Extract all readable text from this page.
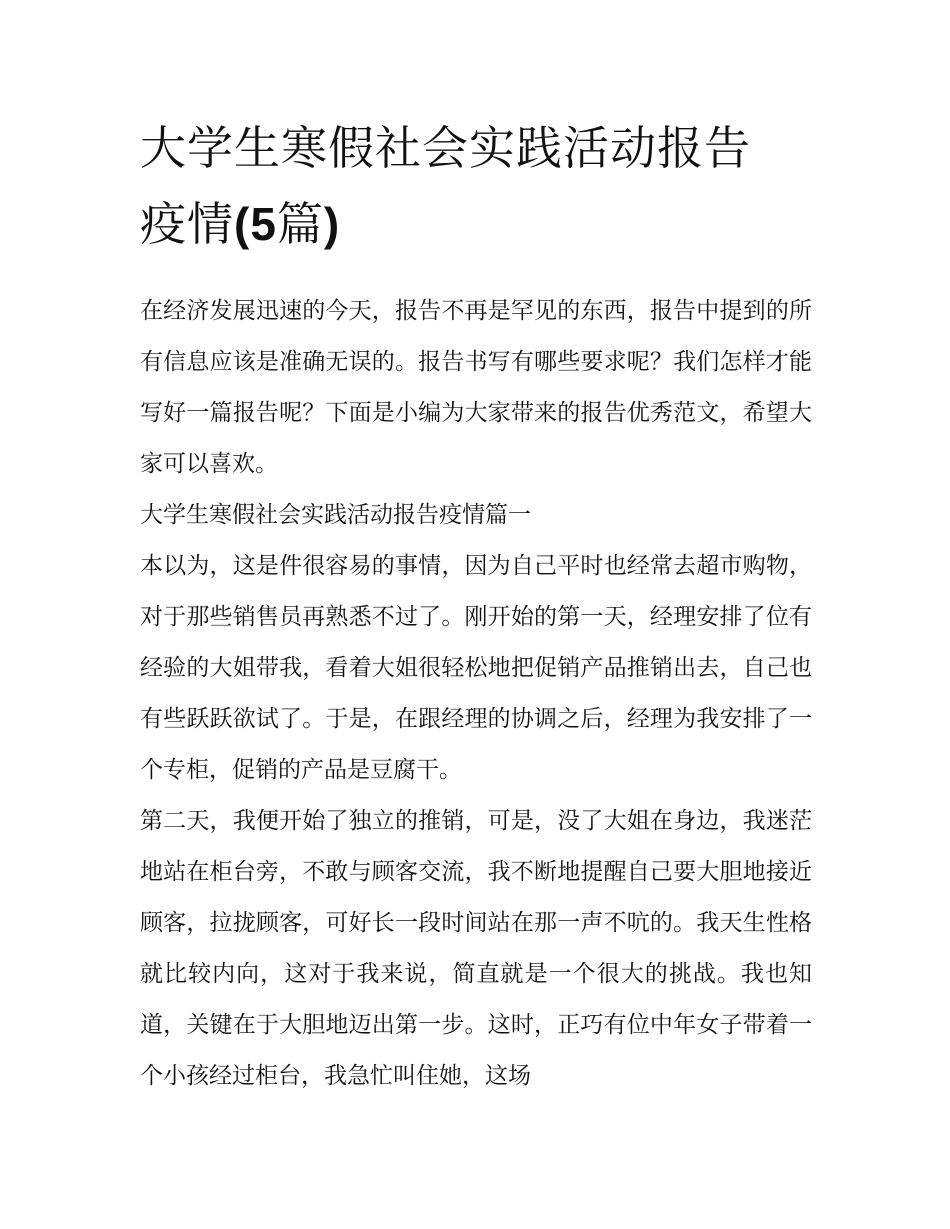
大学生寒假社会实践活动报告
疫情(5篇)

在经济发展迅速的今天，报告不再是罕见的东西，报告中提到的所有信息应该是准确无误的。报告书写有哪些要求呢？我们怎样才能写好一篇报告呢？下面是小编为大家带来的报告优秀范文，希望大家可以喜欢。

大学生寒假社会实践活动报告疫情篇一

本以为，这是件很容易的事情，因为自己平时也经常去超市购物，对于那些销售员再熟悉不过了。刚开始的第一天，经理安排了位有经验的大姐带我，看着大姐很轻松地把促销产品推销出去，自己也有些跃跃欲试了。于是，在跟经理的协调之后，经理为我安排了一个专柜，促销的产品是豆腐干。

第二天，我便开始了独立的推销，可是，没了大姐在身边，我迷茫地站在柜台旁，不敢与顾客交流，我不断地提醒自己要大胆地接近顾客，拉拢顾客，可好长一段时间站在那一声不吭的。我天生性格就比较内向，这对于我来说，简直就是一个很大的挑战。我也知道，关键在于大胆地迈出第一步。这时，正巧有位中年女子带着一个小孩经过柜台，我急忙叫住她，这场
